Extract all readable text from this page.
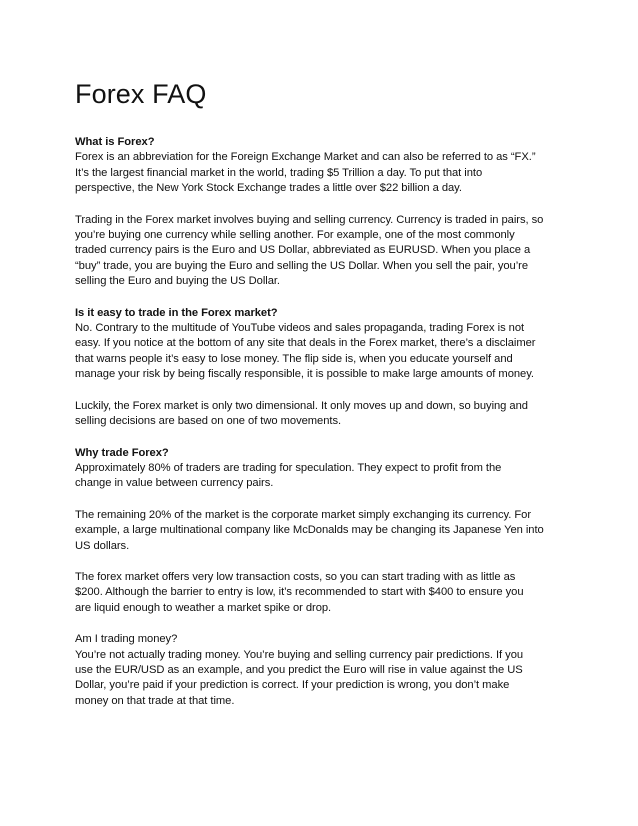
Forex FAQ

What is Forex?
Forex is an abbreviation for the Foreign Exchange Market and can also be referred to as “FX.”
It’s the largest financial market in the world, trading $5 Trillion a day. To put that into
perspective, the New York Stock Exchange trades a little over $22 billion a day.

Trading in the Forex market involves buying and selling currency. Currency is traded in pairs, so
you’re buying one currency while selling another. For example, one of the most commonly
traded currency pairs is the Euro and US Dollar, abbreviated as EURUSD. When you place a
“buy” trade, you are buying the Euro and selling the US Dollar. When you sell the pair, you’re
selling the Euro and buying the US Dollar.

Is it easy to trade in the Forex market?
No. Contrary to the multitude of YouTube videos and sales propaganda, trading Forex is not
easy. If you notice at the bottom of any site that deals in the Forex market, there’s a disclaimer
that warns people it’s easy to lose money. The flip side is, when you educate yourself and
manage your risk by being fiscally responsible, it is possible to make large amounts of money.

Luckily, the Forex market is only two dimensional. It only moves up and down, so buying and
selling decisions are based on one of two movements.

Why trade Forex?
Approximately 80% of traders are trading for speculation. They expect to profit from the
change in value between currency pairs.

The remaining 20% of the market is the corporate market simply exchanging its currency. For
example, a large multinational company like McDonalds may be changing its Japanese Yen into
US dollars.

The forex market offers very low transaction costs, so you can start trading with as little as
$200. Although the barrier to entry is low, it’s recommended to start with $400 to ensure you
are liquid enough to weather a market spike or drop.

Am I trading money?
You’re not actually trading money. You’re buying and selling currency pair predictions. If you
use the EUR/USD as an example, and you predict the Euro will rise in value against the US
Dollar, you’re paid if your prediction is correct. If your prediction is wrong, you don’t make
money on that trade at that time.
